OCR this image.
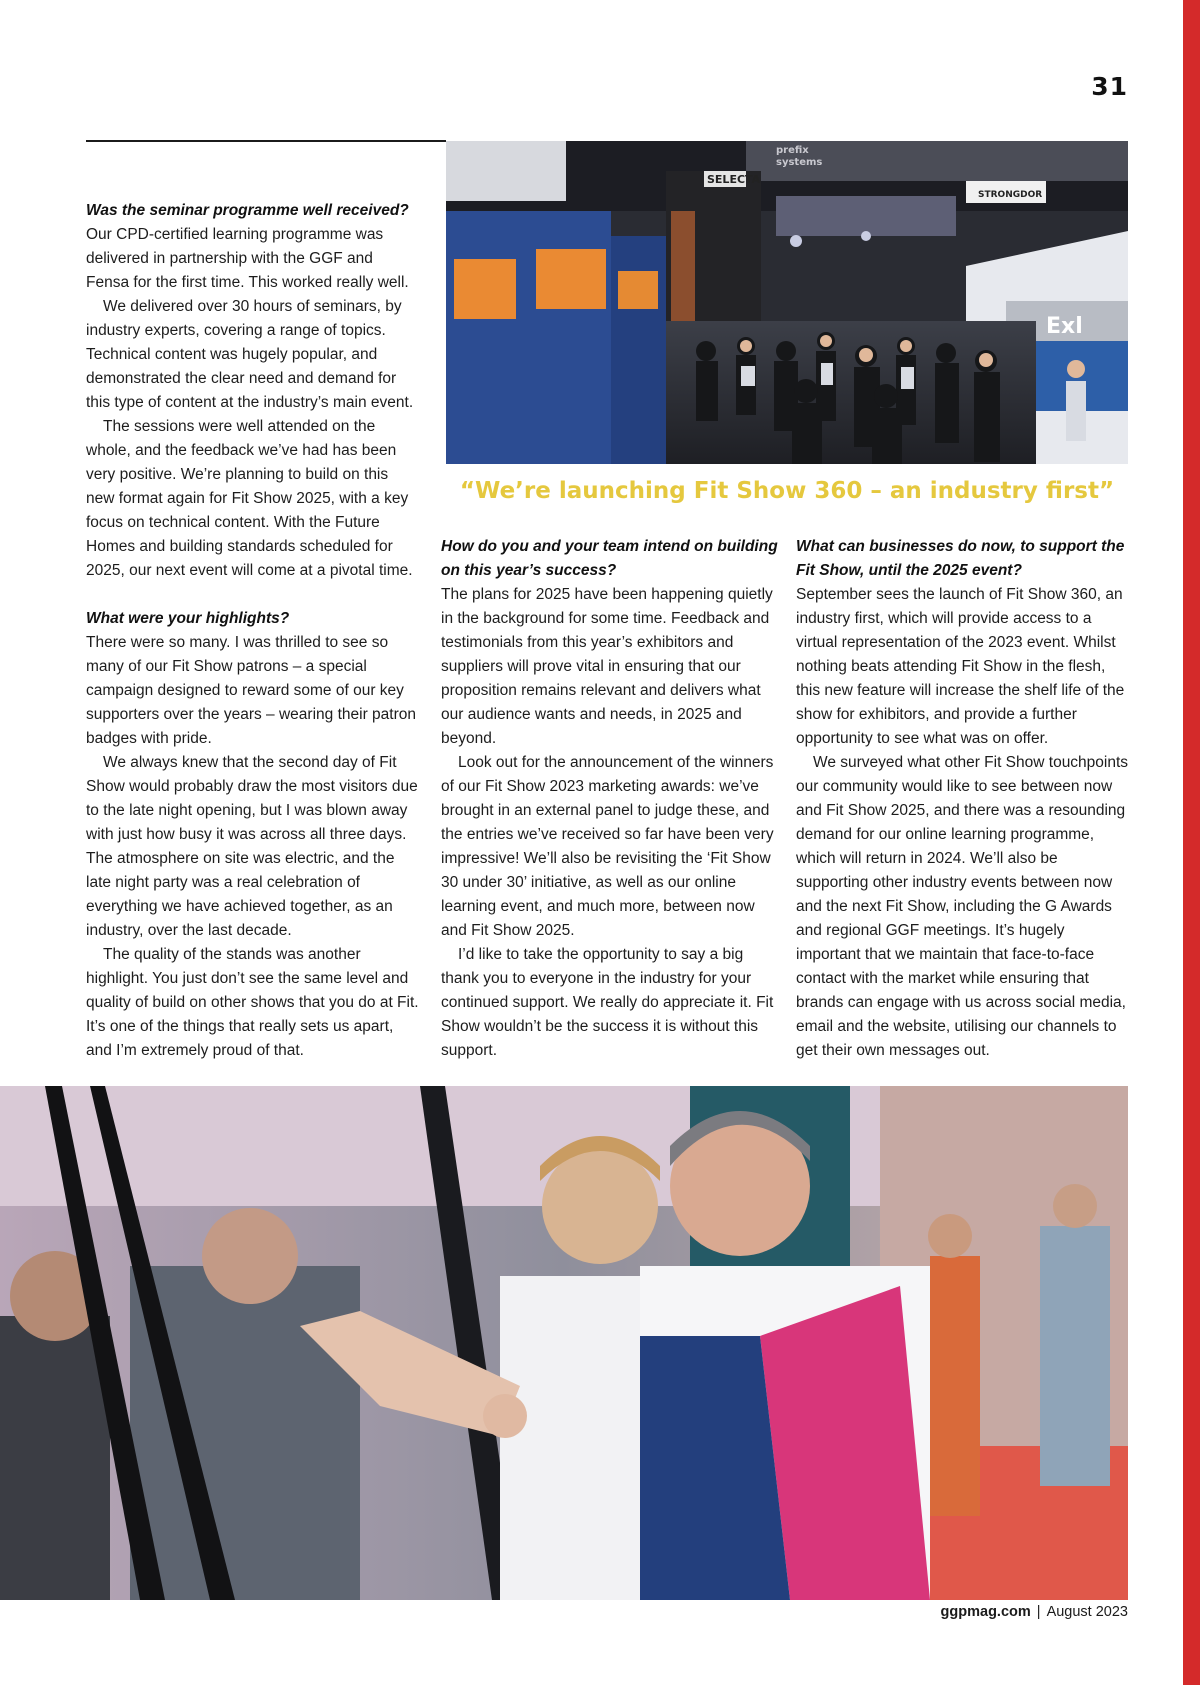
31
prefix
systems
SELECTA
STRONGDOR
Exl

“We’re launching Fit Show 360 – an industry first”

Was the seminar programme well received?

Our CPD-certified learning programme was delivered in partnership with the GGF and Fensa for the first time. This worked really well.

We delivered over 30 hours of seminars, by industry experts, covering a range of topics. Technical content was hugely popular, and demonstrated the clear need and demand for this type of content at the industry’s main event.

The sessions were well attended on the whole, and the feedback we’ve had has been very positive. We’re planning to build on this new format again for Fit Show 2025, with a key focus on technical content. With the Future Homes and building standards scheduled for 2025, our next event will come at a pivotal time.

What were your highlights?

There were so many. I was thrilled to see so many of our Fit Show patrons – a special campaign designed to reward some of our key supporters over the years – wearing their patron badges with pride.

We always knew that the second day of Fit Show would probably draw the most visitors due to the late night opening, but I was blown away with just how busy it was across all three days. The atmosphere on site was electric, and the late night party was a real celebration of everything we have achieved together, as an industry, over the last decade.

The quality of the stands was another highlight. You just don’t see the same level and quality of build on other shows that you do at Fit. It’s one of the things that really sets us apart, and I’m extremely proud of that.

How do you and your team intend on building on this year’s success?

The plans for 2025 have been happening quietly in the background for some time. Feedback and testimonials from this year’s exhibitors and suppliers will prove vital in ensuring that our proposition remains relevant and delivers what our audience wants and needs, in 2025 and beyond.

Look out for the announcement of the winners of our Fit Show 2023 marketing awards: we’ve brought in an external panel to judge these, and the entries we’ve received so far have been very impressive! We’ll also be revisiting the ‘Fit Show 30 under 30’ initiative, as well as our online learning event, and much more, between now and Fit Show 2025.

I’d like to take the opportunity to say a big thank you to everyone in the industry for your continued support. We really do appreciate it. Fit Show wouldn’t be the success it is without this support.

What can businesses do now, to support the Fit Show, until the 2025 event?

September sees the launch of Fit Show 360, an industry first, which will provide access to a virtual representation of the 2023 event. Whilst nothing beats attending Fit Show in the flesh, this new feature will increase the shelf life of the show for exhibitors, and provide a further opportunity to see what was on offer.

We surveyed what other Fit Show touchpoints our community would like to see between now and Fit Show 2025, and there was a resounding demand for our online learning programme, which will return in 2024. We’ll also be supporting other industry events between now and the next Fit Show, including the G Awards and regional GGF meetings. It’s hugely important that we maintain that face-to-face contact with the market while ensuring that brands can engage with us across social media, email and the website, utilising our channels to get their own messages out.

ggpmag.com | August 2023
